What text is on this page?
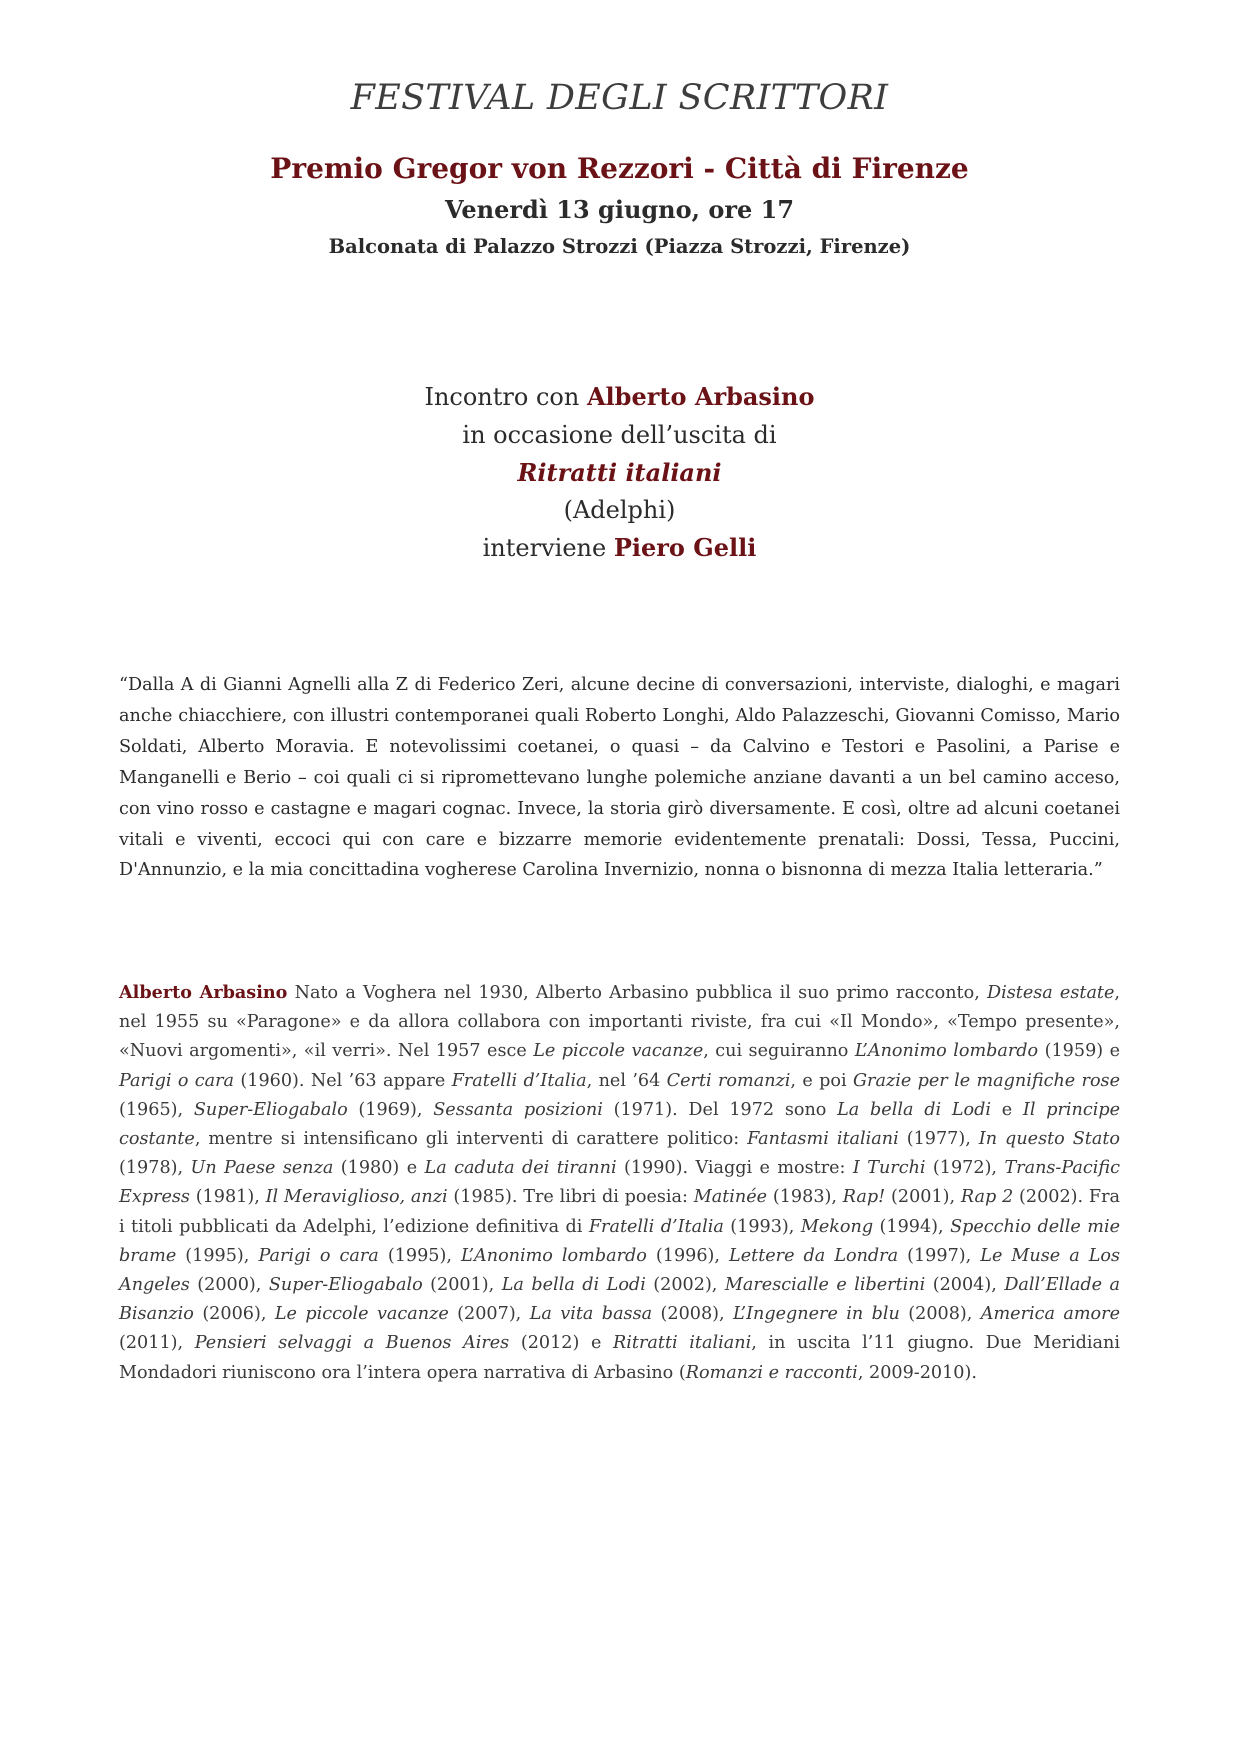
FESTIVAL DEGLI SCRITTORI
Premio Gregor von Rezzori - Città di Firenze
Venerdì 13 giugno, ore 17
Balconata di Palazzo Strozzi (Piazza Strozzi, Firenze)
Incontro con Alberto Arbasino
in occasione dell’uscita di
Ritratti italiani
(Adelphi)
interviene Piero Gelli
“Dalla A di Gianni Agnelli alla Z di Federico Zeri, alcune decine di conversazioni, interviste, dialoghi, e magari anche chiacchiere, con illustri contemporanei quali Roberto Longhi, Aldo Palazzeschi, Giovanni Comisso, Mario Soldati, Alberto Moravia. E notevolissimi coetanei, o quasi – da Calvino e Testori e Pasolini, a Parise e Manganelli e Berio – coi quali ci si ripromettevano lunghe polemiche anziane davanti a un bel camino acceso, con vino rosso e castagne e magari cognac. Invece, la storia girò diversamente. E così, oltre ad alcuni coetanei vitali e viventi, eccoci qui con care e bizzarre memorie evidentemente prenatali: Dossi, Tessa, Puccini, D'Annunzio, e la mia concittadina vogherese Carolina Invernizio, nonna o bisnonna di mezza Italia letteraria.”
Alberto Arbasino Nato a Voghera nel 1930, Alberto Arbasino pubblica il suo primo racconto, Distesa estate, nel 1955 su «Paragone» e da allora collabora con importanti riviste, fra cui «Il Mondo», «Tempo presente», «Nuovi argomenti», «il verri». Nel 1957 esce Le piccole vacanze, cui seguiranno L’Anonimo lombardo (1959) e Parigi o cara (1960). Nel ’63 appare Fratelli d’Italia, nel ’64 Certi romanzi, e poi Grazie per le magnifiche rose (1965), Super-Eliogabalo (1969), Sessanta posizioni (1971). Del 1972 sono La bella di Lodi e Il principe costante, mentre si intensificano gli interventi di carattere politico: Fantasmi italiani (1977), In questo Stato (1978), Un Paese senza (1980) e La caduta dei tiranni (1990). Viaggi e mostre: I Turchi (1972), Trans-Pacific Express (1981), Il Meraviglioso, anzi (1985). Tre libri di poesia: Matinée (1983), Rap! (2001), Rap 2 (2002). Fra i titoli pubblicati da Adelphi, l’edizione definitiva di Fratelli d’Italia (1993), Mekong (1994), Specchio delle mie brame (1995), Parigi o cara (1995), L’Anonimo lombardo (1996), Lettere da Londra (1997), Le Muse a Los Angeles (2000), Super-Eliogabalo (2001), La bella di Lodi (2002), Marescialle e libertini (2004), Dall’Ellade a Bisanzio (2006), Le piccole vacanze (2007), La vita bassa (2008), L’Ingegnere in blu (2008), America amore (2011), Pensieri selvaggi a Buenos Aires (2012) e Ritratti italiani, in uscita l’11 giugno. Due Meridiani Mondadori riuniscono ora l’intera opera narrativa di Arbasino (Romanzi e racconti, 2009-2010).
